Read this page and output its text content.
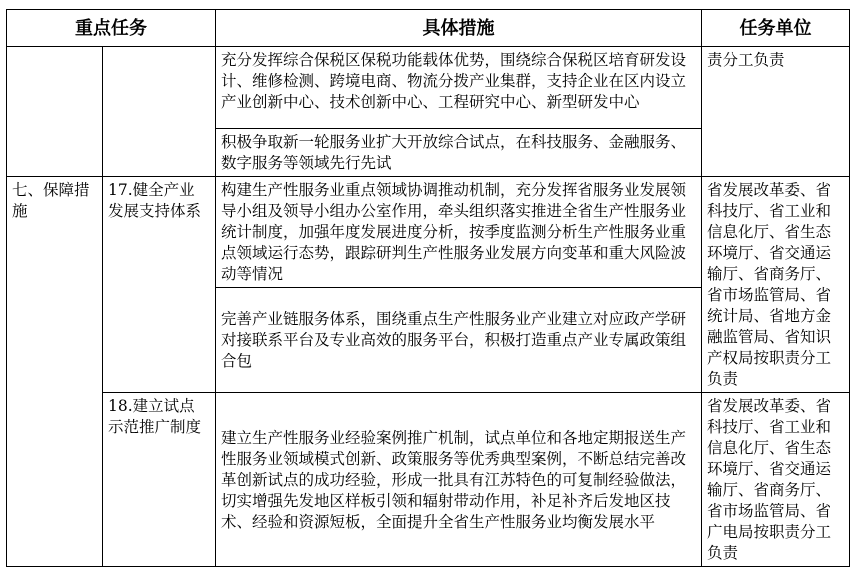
重点任务		具体措施	任务单位
		充分发挥综合保税区保税功能载体优势，围绕综合保税区培育研发设计、维修检测、跨境电商、物流分拨产业集群，支持企业在区内设立产业创新中心、技术创新中心、工程研究中心、新型研发中心	责分工负责
		积极争取新一轮服务业扩大开放综合试点，在科技服务、金融服务、数字服务等领域先行先试	
七、保障措施	17.健全产业发展支持体系	构建生产性服务业重点领域协调推动机制，充分发挥省服务业发展领导小组及领导小组办公室作用，牵头组织落实推进全省生产性服务业统计制度，加强年度发展进度分析，按季度监测分析生产性服务业重点领域运行态势，跟踪研判生产性服务业发展方向变革和重大风险波动等情况	省发展改革委、省科技厅、省工业和信息化厅、省生态环境厅、省交通运输厅、省商务厅、省市场监管局、省统计局、省地方金融监管局、省知识产权局按职责分工负责
		完善产业链服务体系，围绕重点生产性服务业产业建立对应政产学研对接联系平台及专业高效的服务平台，积极打造重点产业专属政策组合包	
	18.建立试点示范推广制度	建立生产性服务业经验案例推广机制，试点单位和各地定期报送生产性服务业领域模式创新、政策服务等优秀典型案例，不断总结完善改革创新试点的成功经验，形成一批具有江苏特色的可复制经验做法，切实增强先发地区样板引领和辐射带动作用，补足补齐后发地区技术、经验和资源短板，全面提升全省生产性服务业均衡发展水平	省发展改革委、省科技厅、省工业和信息化厅、省生态环境厅、省交通运输厅、省商务厅、省市场监管局、省广电局按职责分工负责
